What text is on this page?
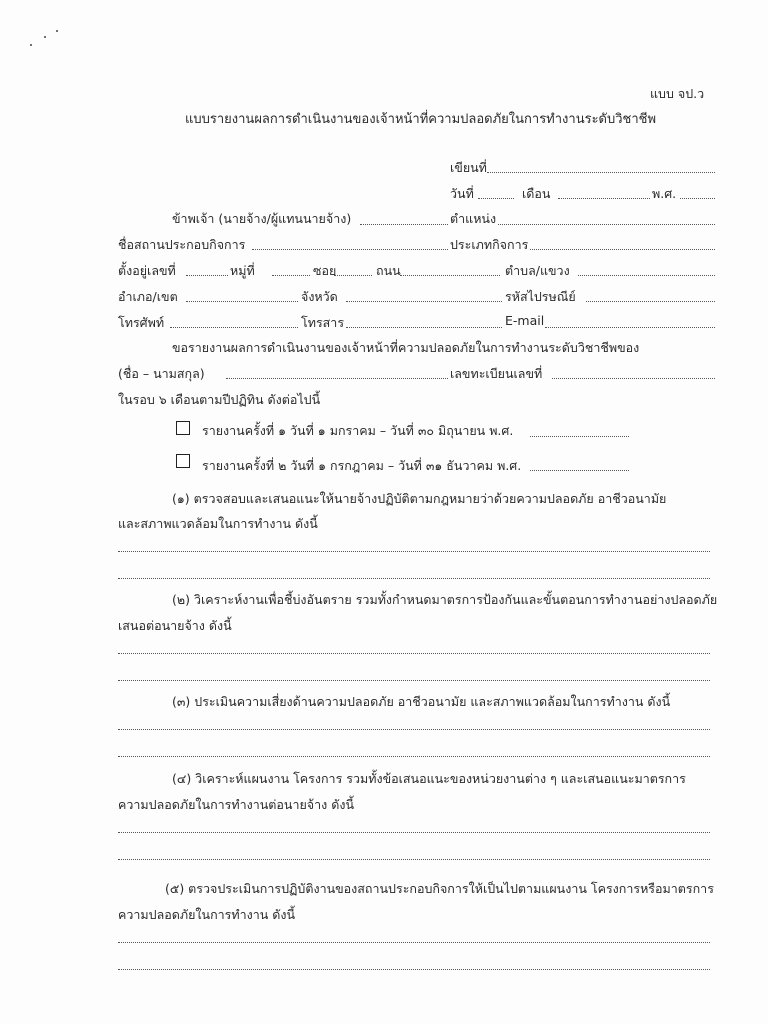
แบบ จป.ว
แบบรายงานผลการดำเนินงานของเจ้าหน้าที่ความปลอดภัยในการทำงานระดับวิชาชีพ
เขียนที่
วันที่	เดือน	พ.ศ.
ข้าพเจ้า (นายจ้าง/ผู้แทนนายจ้าง)	ตำแหน่ง
ชื่อสถานประกอบกิจการ	ประเภทกิจการ
ตั้งอยู่เลขที่	หมู่ที่	ซอย	ถนน	ตำบล/แขวง
อำเภอ/เขต	จังหวัด	รหัสไปรษณีย์
โทรศัพท์	โทรสาร	E-mail
ขอรายงานผลการดำเนินงานของเจ้าหน้าที่ความปลอดภัยในการทำงานระดับวิชาชีพของ
(ชื่อ – นามสกุล)	เลขทะเบียนเลขที่
ในรอบ ๖ เดือนตามปีปฏิทิน ดังต่อไปนี้
รายงานครั้งที่ ๑ วันที่ ๑ มกราคม – วันที่ ๓๐ มิถุนายน พ.ศ.
รายงานครั้งที่ ๒ วันที่ ๑ กรกฎาคม – วันที่ ๓๑ ธันวาคม พ.ศ.
(๑) ตรวจสอบและเสนอแนะให้นายจ้างปฏิบัติตามกฎหมายว่าด้วยความปลอดภัย อาชีวอนามัย
และสภาพแวดล้อมในการทำงาน ดังนี้
(๒) วิเคราะห์งานเพื่อชี้บ่งอันตราย รวมทั้งกำหนดมาตรการป้องกันและขั้นตอนการทำงานอย่างปลอดภัย
เสนอต่อนายจ้าง ดังนี้
(๓) ประเมินความเสี่ยงด้านความปลอดภัย อาชีวอนามัย และสภาพแวดล้อมในการทำงาน ดังนี้
(๔) วิเคราะห์แผนงาน โครงการ รวมทั้งข้อเสนอแนะของหน่วยงานต่าง ๆ และเสนอแนะมาตรการ
ความปลอดภัยในการทำงานต่อนายจ้าง ดังนี้
(๕) ตรวจประเมินการปฏิบัติงานของสถานประกอบกิจการให้เป็นไปตามแผนงาน โครงการหรือมาตรการ
ความปลอดภัยในการทำงาน ดังนี้
